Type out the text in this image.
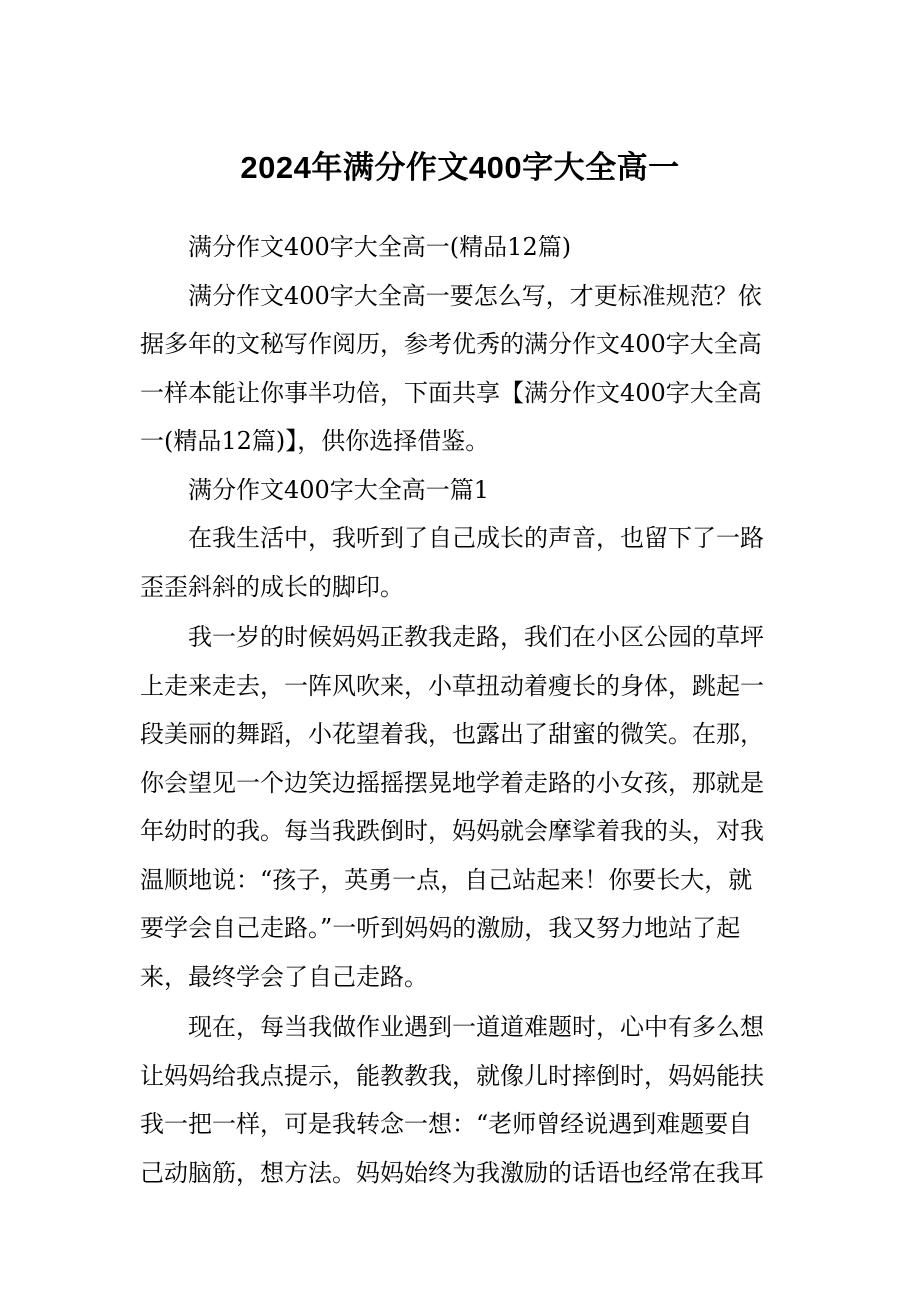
2024年满分作文400字大全高一
满分作文400字大全高一(精品12篇)
满分作文400字大全高一要怎么写，才更标准规范？依
据多年的文秘写作阅历，参考优秀的满分作文400字大全高
一样本能让你事半功倍，下面共享【满分作文400字大全高
一(精品12篇)】，供你选择借鉴。
满分作文400字大全高一篇1
在我生活中，我听到了自己成长的声音，也留下了一路
歪歪斜斜的成长的脚印。
我一岁的时候妈妈正教我走路，我们在小区公园的草坪
上走来走去，一阵风吹来，小草扭动着瘦长的身体，跳起一
段美丽的舞蹈，小花望着我，也露出了甜蜜的微笑。在那，
你会望见一个边笑边摇摇摆晃地学着走路的小女孩，那就是
年幼时的我。每当我跌倒时，妈妈就会摩挲着我的头，对我
温顺地说：“孩子，英勇一点，自己站起来！你要长大，就
要学会自己走路。”一听到妈妈的激励，我又努力地站了起
来，最终学会了自己走路。
现在，每当我做作业遇到一道道难题时，心中有多么想
让妈妈给我点提示，能教教我，就像儿时摔倒时，妈妈能扶
我一把一样，可是我转念一想：“老师曾经说遇到难题要自
己动脑筋，想方法。妈妈始终为我激励的话语也经常在我耳
